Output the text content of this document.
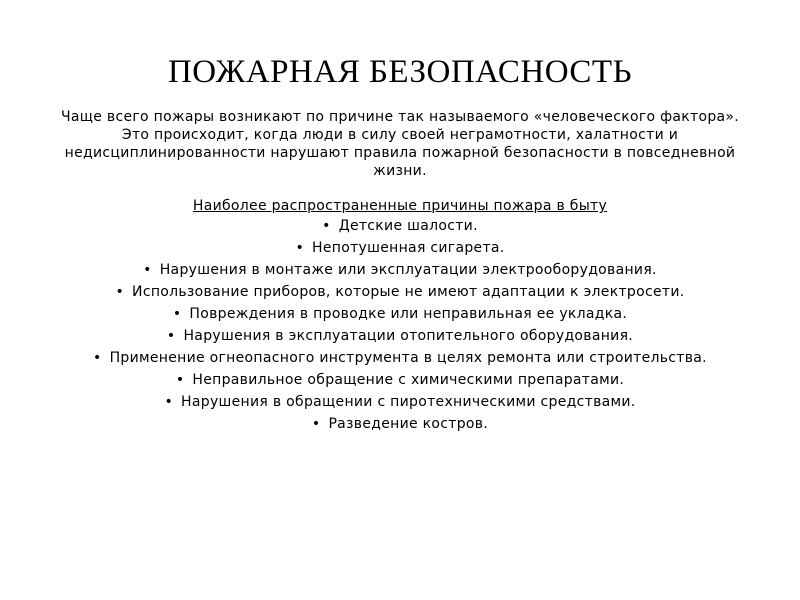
ПОЖАРНАЯ БЕЗОПАСНОСТЬ

Чаще всего пожары возникают по причине так называемого «человеческого фактора». Это происходит, когда люди в силу своей неграмотности, халатности и недисциплинированности нарушают правила пожарной безопасности в повседневной жизни.

Наиболее распространенные причины пожара в быту

• Детские шалости.
• Непотушенная сигарета.
• Нарушения в монтаже или эксплуатации электрооборудования.
• Использование приборов, которые не имеют адаптации к электросети.
• Повреждения в проводке или неправильная ее укладка.
• Нарушения в эксплуатации отопительного оборудования.
• Применение огнеопасного инструмента в целях ремонта или строительства.
• Неправильное обращение с химическими препаратами.
• Нарушения в обращении с пиротехническими средствами.
• Разведение костров.
